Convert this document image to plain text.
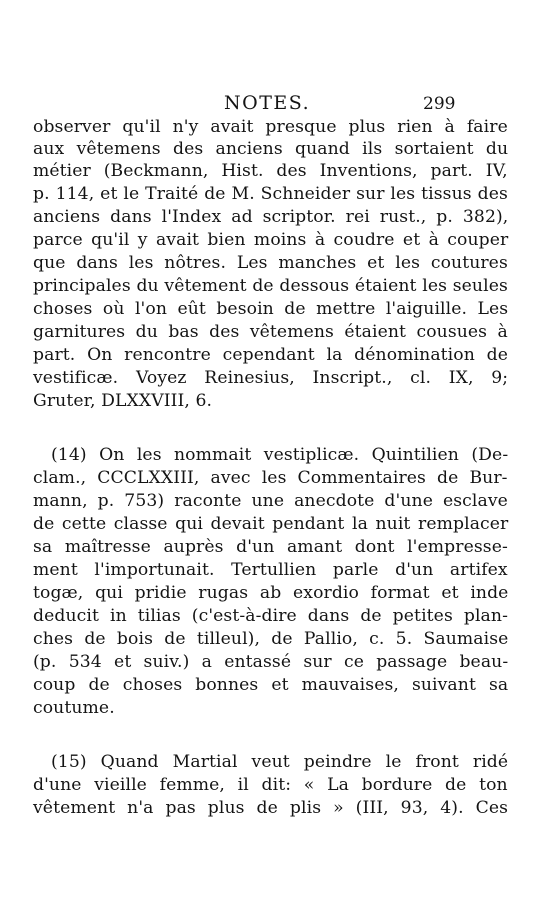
NOTES.	299
observer qu'il n'y avait presque plus rien à faire
aux vêtemens des anciens quand ils sortaient du
métier (Beckmann, Hist. des Inventions, part. IV,
p. 114, et le Traité de M. Schneider sur les tissus des
anciens dans l'Index ad scriptor. rei rust., p. 382),
parce qu'il y avait bien moins à coudre et à couper
que dans les nôtres. Les manches et les coutures
principales du vêtement de dessous étaient les seules
choses où l'on eût besoin de mettre l'aiguille. Les
garnitures du bas des vêtemens étaient cousues à
part. On rencontre cependant la dénomination de
vestificæ. Voyez Reinesius, Inscript., cl. IX, 9;
Gruter, DLXXVIII, 6.
(14) On les nommait vestiplicæ. Quintilien (De-
clam., CCCLXXIII, avec les Commentaires de Bur-
mann, p. 753) raconte une anecdote d'une esclave
de cette classe qui devait pendant la nuit remplacer
sa maîtresse auprès d'un amant dont l'empresse-
ment l'importunait. Tertullien parle d'un artifex
togæ, qui pridie rugas ab exordio format et inde
deducit in tilias (c'est-à-dire dans de petites plan-
ches de bois de tilleul), de Pallio, c. 5. Saumaise
(p. 534 et suiv.) a entassé sur ce passage beau-
coup de choses bonnes et mauvaises, suivant sa
coutume.
(15) Quand Martial veut peindre le front ridé
d'une vieille femme, il dit: « La bordure de ton
vêtement n'a pas plus de plis » (III, 93, 4). Ces
